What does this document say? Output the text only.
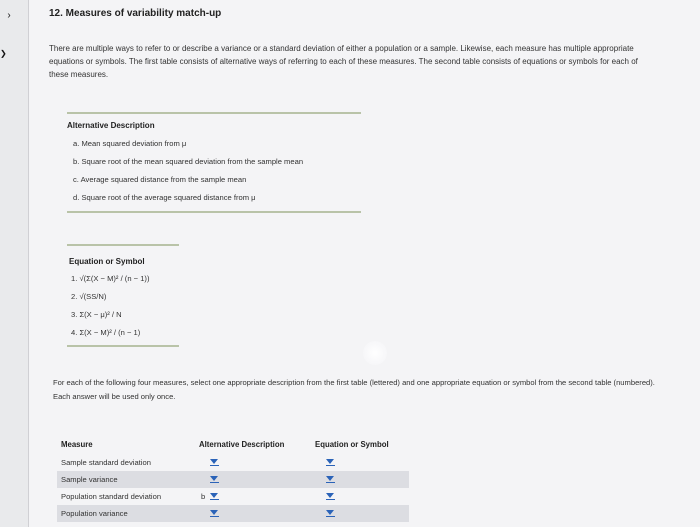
›
❯
12. Measures of variability match-up
There are multiple ways to refer to or describe a variance or a standard deviation of either a population or a sample. Likewise, each measure has multiple appropriate equations or symbols. The first table consists of alternative ways of referring to each of these measures. The second table consists of equations or symbols for each of these measures.
Alternative Description
a. Mean squared deviation from μ
b. Square root of the mean squared deviation from the sample mean
c. Average squared distance from the sample mean
d. Square root of the average squared distance from μ
Equation or Symbol
1. √(Σ(X − M)² / (n − 1))
2. √(SS/N)
3. Σ(X − μ)² / N
4. Σ(X − M)² / (n − 1)
For each of the following four measures, select one appropriate description from the first table (lettered) and one appropriate equation or symbol from the second table (numbered). Each answer will be used only once.
Measure	Alternative Description	Equation or Symbol
Sample standard deviation
Sample variance
Population standard deviation
Population variance
b
